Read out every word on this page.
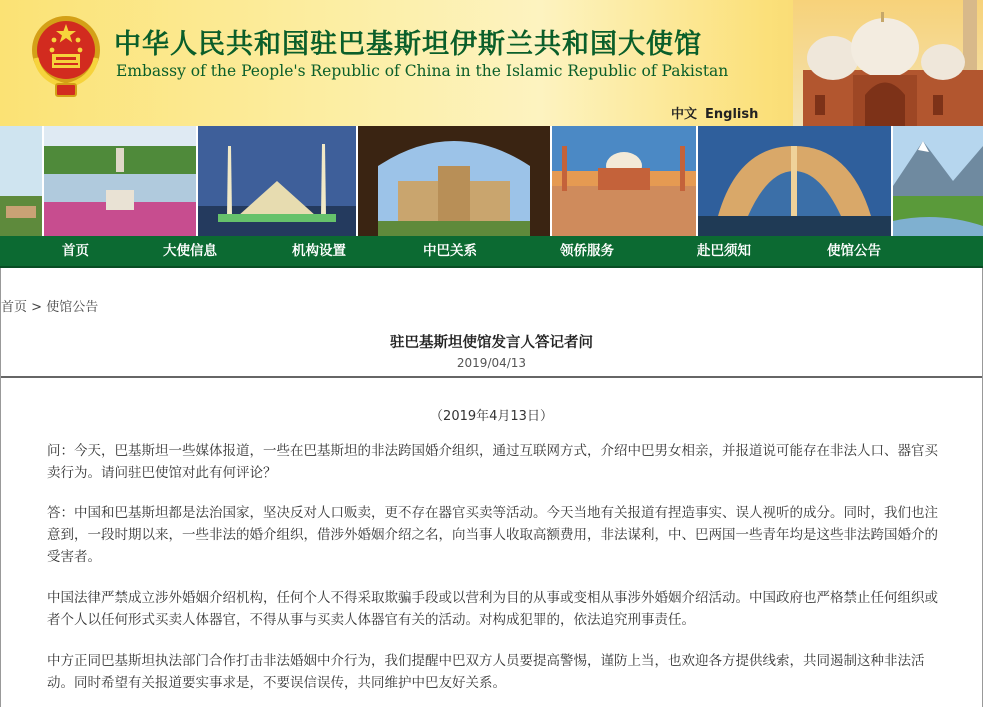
中华人民共和国驻巴基斯坦伊斯兰共和国大使馆
Embassy of the People's Republic of China in the Islamic Republic of Pakistan
中文 English
首页	大使信息	机构设置	中巴关系	领侨服务	赴巴须知	使馆公告
首页 > 使馆公告
驻巴基斯坦使馆发言人答记者问
2019/04/13
（2019年4月13日）
问：今天，巴基斯坦一些媒体报道，一些在巴基斯坦的非法跨国婚介组织，通过互联网方式，介绍中巴男女相亲，并报道说可能存在非法人口、器官买卖行为。请问驻巴使馆对此有何评论？
答：中国和巴基斯坦都是法治国家，坚决反对人口贩卖，更不存在器官买卖等活动。今天当地有关报道有捏造事实、误人视听的成分。同时，我们也注意到，一段时期以来，一些非法的婚介组织，借涉外婚姻介绍之名，向当事人收取高额费用，非法谋利，中、巴两国一些青年均是这些非法跨国婚介的受害者。
中国法律严禁成立涉外婚姻介绍机构，任何个人不得采取欺骗手段或以营利为目的从事或变相从事涉外婚姻介绍活动。中国政府也严格禁止任何组织或者个人以任何形式买卖人体器官，不得从事与买卖人体器官有关的活动。对构成犯罪的，依法追究刑事责任。
中方正同巴基斯坦执法部门合作打击非法婚姻中介行为，我们提醒中巴双方人员要提高警惕，谨防上当，也欢迎各方提供线索，共同遏制这种非法活动。同时希望有关报道要实事求是，不要误信误传，共同维护中巴友好关系。
